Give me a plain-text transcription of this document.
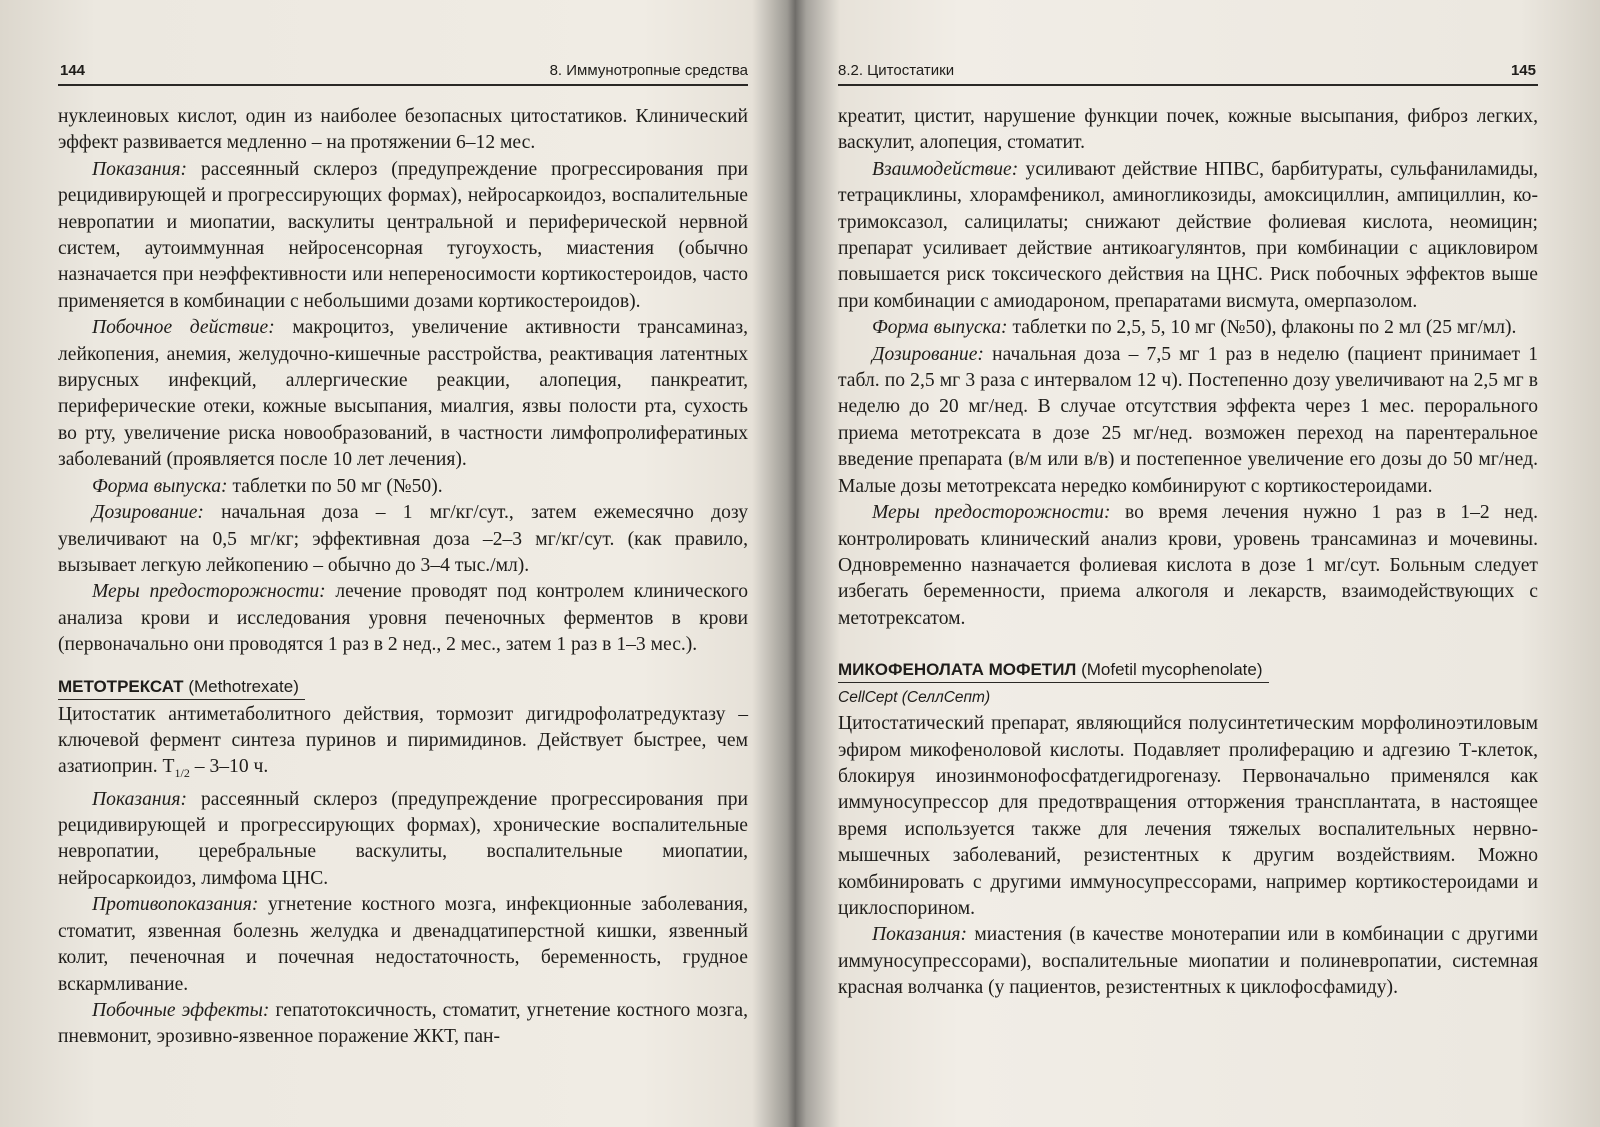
144	8. Иммунотропные средства

нуклеиновых кислот, один из наиболее безопасных цитостатиков. Клинический эффект развивается медленно – на протяжении 6–12 мес.

Показания: рассеянный склероз (предупреждение прогрессирования при рецидивирующей и прогрессирующих формах), нейросаркоидоз, воспалительные невропатии и миопатии, васкулиты центральной и периферической нервной систем, аутоиммунная нейросенсорная тугоухость, миастения (обычно назначается при неэффективности или непереносимости кортикостероидов, часто применяется в комбинации с небольшими дозами кортикостероидов).

Побочное действие: макроцитоз, увеличение активности трансаминаз, лейкопения, анемия, желудочно-кишечные расстройства, реактивация латентных вирусных инфекций, аллергические реакции, алопеция, панкреатит, периферические отеки, кожные высыпания, миалгия, язвы полости рта, сухость во рту, увеличение риска новообразований, в частности лимфопролифератиных заболеваний (проявляется после 10 лет лечения).

Форма выпуска: таблетки по 50 мг (№50).

Дозирование: начальная доза – 1 мг/кг/сут., затем ежемесячно дозу увеличивают на 0,5 мг/кг; эффективная доза –2–3 мг/кг/сут. (как правило, вызывает легкую лейкопению – обычно до 3–4 тыс./мл).

Меры предосторожности: лечение проводят под контролем клинического анализа крови и исследования уровня печеночных ферментов в крови (первоначально они проводятся 1 раз в 2 нед., 2 мес., затем 1 раз в 1–3 мес.).

МЕТОТРЕКСАТ (Methotrexate)

Цитостатик антиметаболитного действия, тормозит дигидрофолатредуктазу – ключевой фермент синтеза пуринов и пиримидинов. Действует быстрее, чем азатиоприн. $T_{1/2} - 3-10$ ч.

Показания: рассеянный склероз (предупреждение прогрессирования при рецидивирующей и прогрессирующих формах), хронические воспалительные невропатии, церебральные васкулиты, воспалительные миопатии, нейросаркоидоз, лимфома ЦНС.

Противопоказания: угнетение костного мозга, инфекционные заболевания, стоматит, язвенная болезнь желудка и двенадцатиперстной кишки, язвенный колит, печеночная и почечная недостаточность, беременность, грудное вскармливание.

Побочные эффекты: гепатотоксичность, стоматит, угнетение костного мозга, пневмонит, эрозивно-язвенное поражение ЖКТ, пан-

8.2. Цитостатики	145

креатит, цистит, нарушение функции почек, кожные высыпания, фиброз легких, васкулит, алопеция, стоматит.

Взаимодействие: усиливают действие НПВС, барбитураты, сульфаниламиды, тетрациклины, хлорамфеникол, аминогликозиды, амоксициллин, ампициллин, ко-тримоксазол, салицилаты; снижают действие фолиевая кислота, неомицин; препарат усиливает действие антикоагулянтов, при комбинации с ацикловиром повышается риск токсического действия на ЦНС. Риск побочных эффектов выше при комбинации с амиодароном, препаратами висмута, омерпазолом.

Форма выпуска: таблетки по 2,5, 5, 10 мг (№50), флаконы по 2 мл (25 мг/мл).

Дозирование: начальная доза – 7,5 мг 1 раз в неделю (пациент принимает 1 табл. по 2,5 мг 3 раза с интервалом 12 ч). Постепенно дозу увеличивают на 2,5 мг в неделю до 20 мг/нед. В случае отсутствия эффекта через 1 мес. перорального приема метотрексата в дозе 25 мг/нед. возможен переход на парентеральное введение препарата (в/м или в/в) и постепенное увеличение его дозы до 50 мг/нед. Малые дозы метотрексата нередко комбинируют с кортикостероидами.

Меры предосторожности: во время лечения нужно 1 раз в 1–2 нед. контролировать клинический анализ крови, уровень трансаминаз и мочевины. Одновременно назначается фолиевая кислота в дозе 1 мг/сут. Больным следует избегать беременности, приема алкоголя и лекарств, взаимодействующих с метотрексатом.

МИКОФЕНОЛАТА МОФЕТИЛ (Mofetil mycophenolate)
CellCept (СеллСепт)

Цитостатический препарат, являющийся полусинтетическим морфолиноэтиловым эфиром микофеноловой кислоты. Подавляет пролиферацию и адгезию Т-клеток, блокируя инозинмонофосфатдегидрогеназу. Первоначально применялся как иммуносупрессор для предотвращения отторжения трансплантата, в настоящее время используется также для лечения тяжелых воспалительных нервно-мышечных заболеваний, резистентных к другим воздействиям. Можно комбинировать с другими иммуносупрессорами, например кортикостероидами и циклоспорином.

Показания: миастения (в качестве монотерапии или в комбинации с другими иммуносупрессорами), воспалительные миопатии и полиневропатии, системная красная волчанка (у пациентов, резистентных к циклофосфамиду).
